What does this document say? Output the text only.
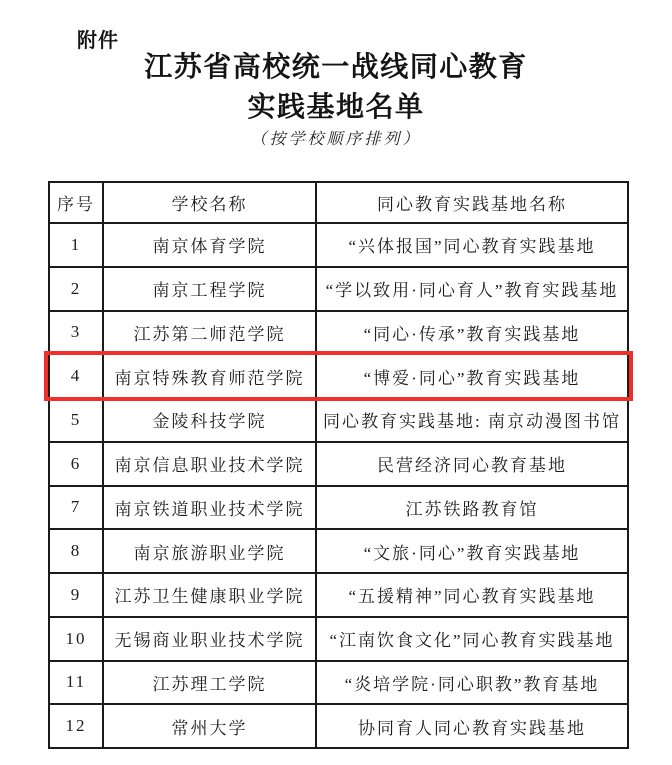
附件
江苏省高校统一战线同心教育
实践基地名单
（按学校顺序排列）
序号	学校名称	同心教育实践基地名称
1	南京体育学院	“兴体报国”同心教育实践基地
2	南京工程学院	“学以致用·同心育人”教育实践基地
3	江苏第二师范学院	“同心·传承”教育实践基地
4	南京特殊教育师范学院	“博爱·同心”教育实践基地
5	金陵科技学院	同心教育实践基地: 南京动漫图书馆
6	南京信息职业技术学院	民营经济同心教育基地
7	南京铁道职业技术学院	江苏铁路教育馆
8	南京旅游职业学院	“文旅·同心”教育实践基地
9	江苏卫生健康职业学院	“五援精神”同心教育实践基地
10	无锡商业职业技术学院	“江南饮食文化”同心教育实践基地
11	江苏理工学院	“炎培学院·同心职教”教育基地
12	常州大学	协同育人同心教育实践基地
